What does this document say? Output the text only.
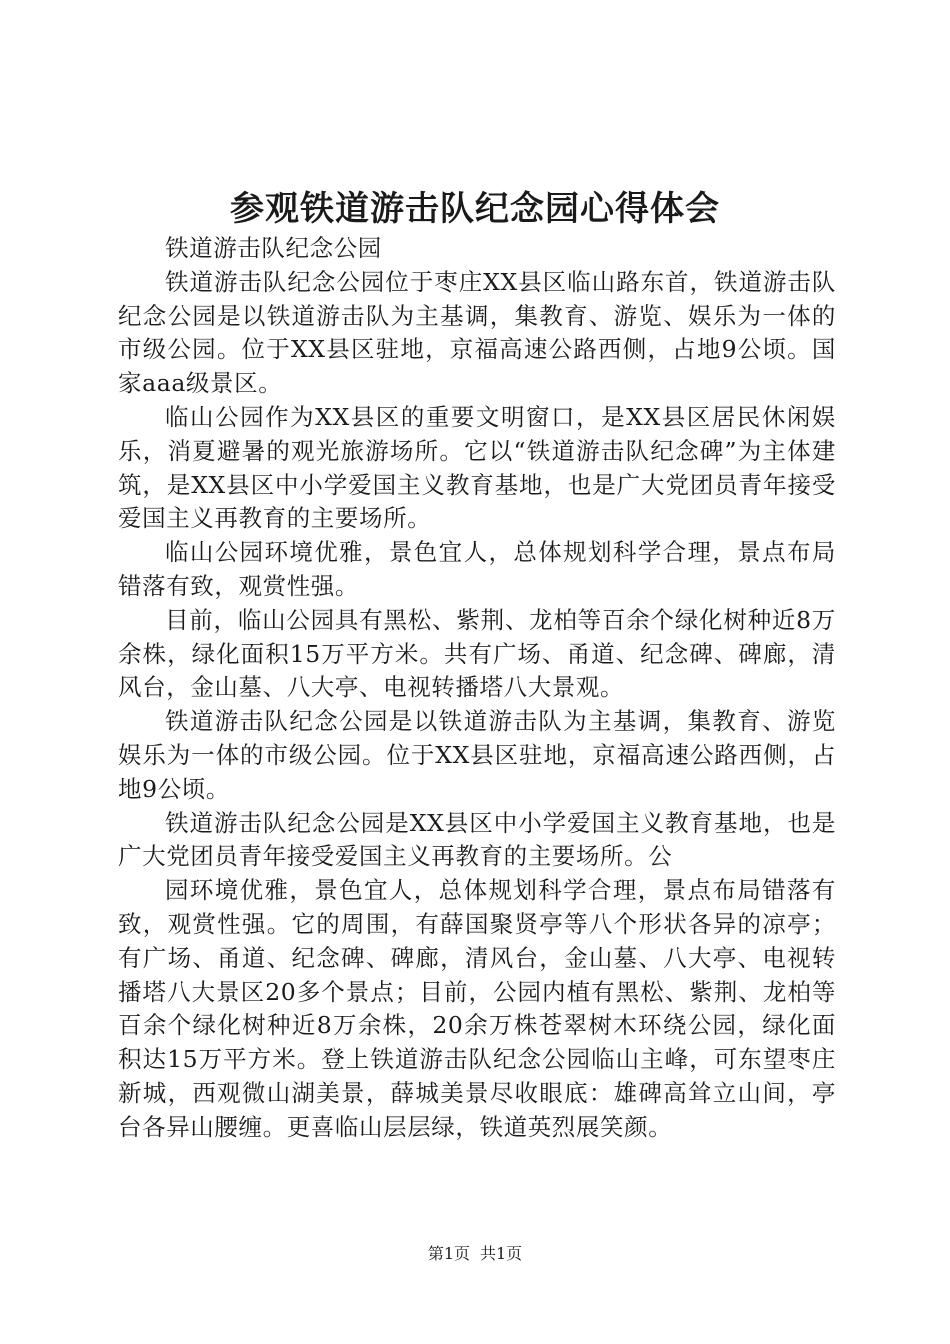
参观铁道游击队纪念园心得体会

铁道游击队纪念公园

铁道游击队纪念公园位于枣庄XX县区临山路东首，铁道游击队纪念公园是以铁道游击队为主基调，集教育、游览、娱乐为一体的市级公园。位于XX县区驻地，京福高速公路西侧，占地9公顷。国家aaa级景区。

临山公园作为XX县区的重要文明窗口，是XX县区居民休闲娱乐，消夏避暑的观光旅游场所。它以“铁道游击队纪念碑”为主体建筑，是XX县区中小学爱国主义教育基地，也是广大党团员青年接受爱国主义再教育的主要场所。

临山公园环境优雅，景色宜人，总体规划科学合理，景点布局错落有致，观赏性强。

目前，临山公园具有黑松、紫荆、龙柏等百余个绿化树种近8万余株，绿化面积15万平方米。共有广场、甬道、纪念碑、碑廊，清风台，金山墓、八大亭、电视转播塔八大景观。

铁道游击队纪念公园是以铁道游击队为主基调，集教育、游览娱乐为一体的市级公园。位于XX县区驻地，京福高速公路西侧，占地9公顷。

铁道游击队纪念公园是XX县区中小学爱国主义教育基地，也是广大党团员青年接受爱国主义再教育的主要场所。公

园环境优雅，景色宜人，总体规划科学合理，景点布局错落有致，观赏性强。它的周围，有薛国聚贤亭等八个形状各异的凉亭；有广场、甬道、纪念碑、碑廊，清风台，金山墓、八大亭、电视转播塔八大景区20多个景点；目前，公园内植有黑松、紫荆、龙柏等百余个绿化树种近8万余株，20余万株苍翠树木环绕公园，绿化面积达15万平方米。登上铁道游击队纪念公园临山主峰，可东望枣庄新城，西观微山湖美景，薛城美景尽收眼底：雄碑高耸立山间，亭台各异山腰缠。更喜临山层层绿，铁道英烈展笑颜。

第1页 共1页
